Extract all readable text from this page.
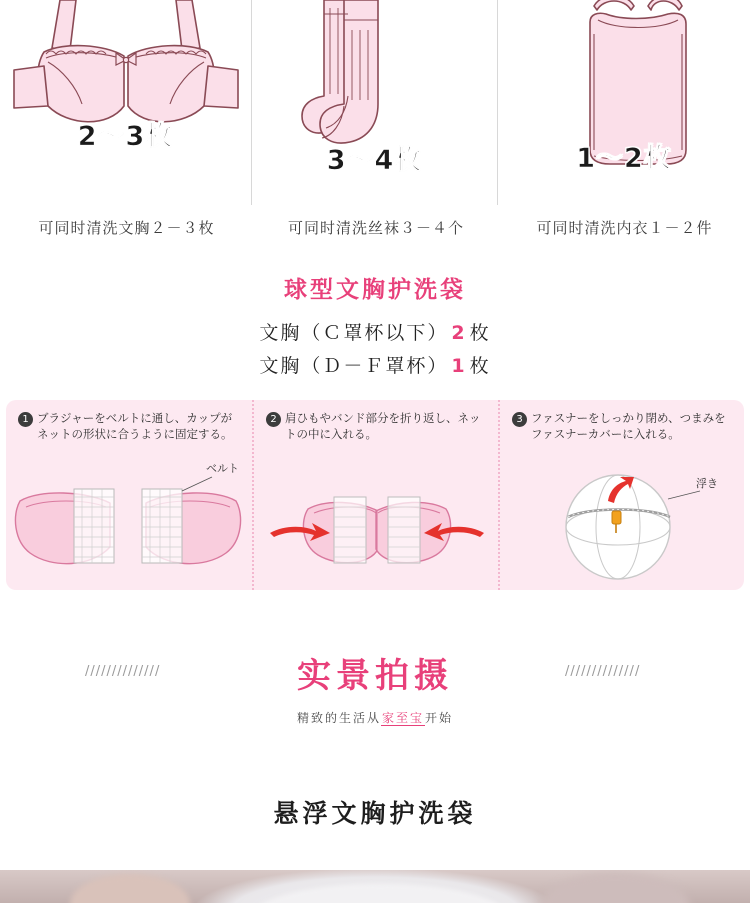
2～3枚
3～4枚	1～2枚
可同时清洗文胸２－３枚	可同时清洗丝袜３－４个	可同时清洗内衣１－２件
球型文胸护洗袋
文胸（Ｃ罩杯以下） 2 枚
文胸（Ｄ－Ｆ罩杯） 1 枚
1 ブラジャーをベルトに通し、カップがネットの形状に合うように固定する。
ベルト
2 肩ひもやバンド部分を折り返し、ネットの中に入れる。
3 ファスナーをしっかり閉め、つまみをファスナーカバーに入れる。
浮き
//////////////	//////////////
实景拍摄
精致的生活从家至宝开始
悬浮文胸护洗袋
